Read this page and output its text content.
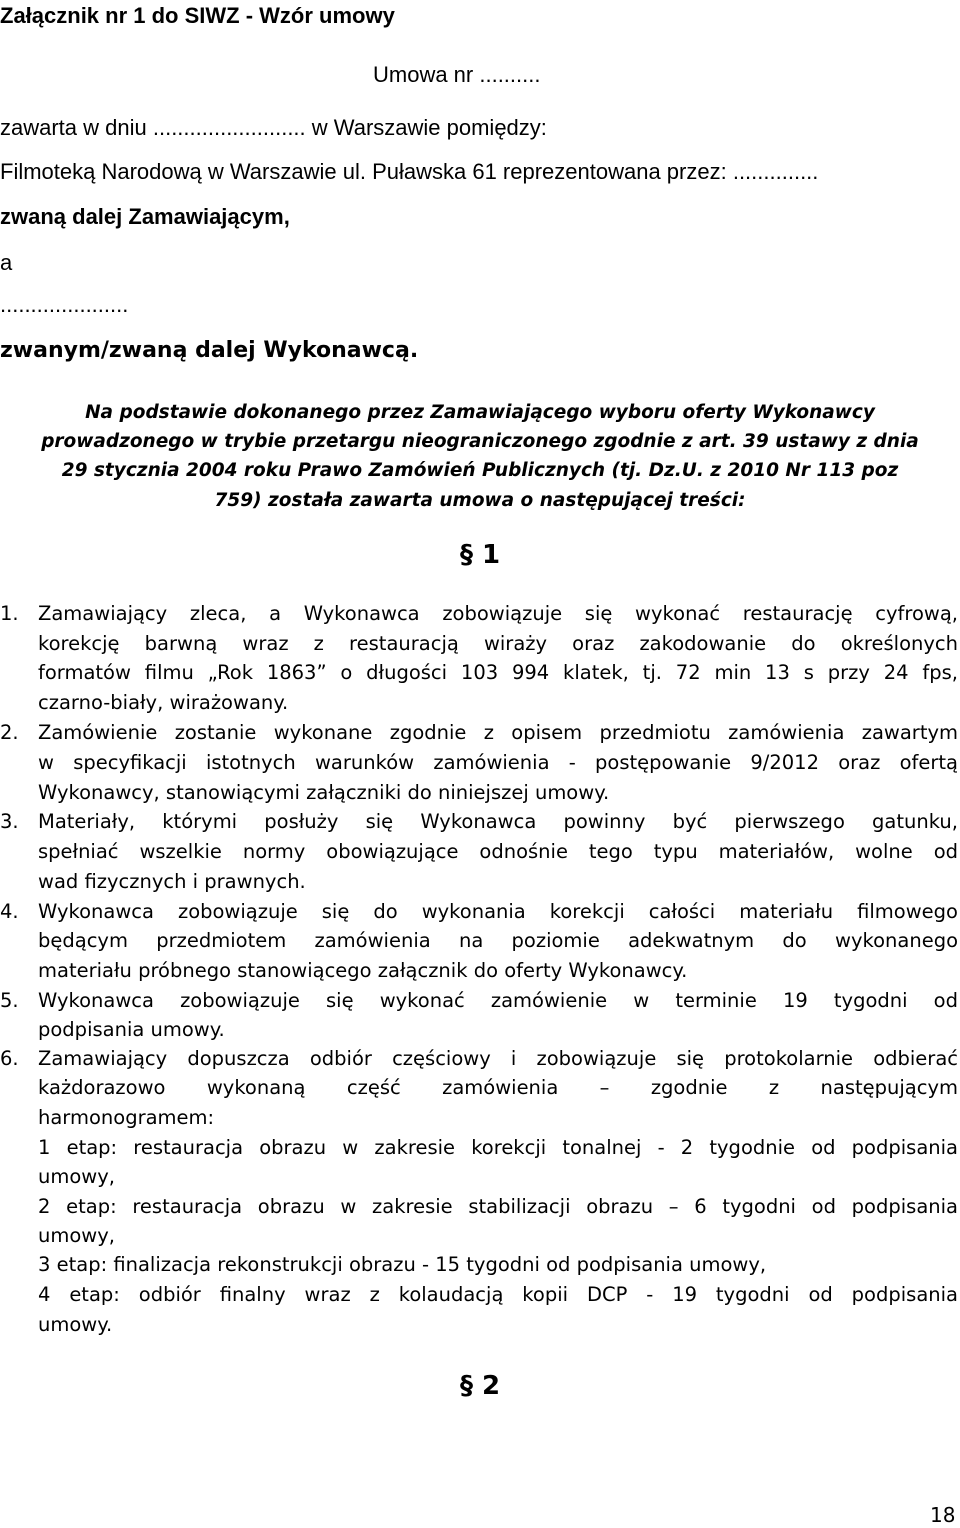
Załącznik nr 1 do SIWZ - Wzór umowy
Umowa nr ..........
zawarta w dniu ......................... w Warszawie pomiędzy:
Filmoteką Narodową w Warszawie ul. Puławska 61 reprezentowana przez: ..............
zwaną dalej Zamawiającym,
a
.....................
zwanym/zwaną dalej Wykonawcą.
Na podstawie dokonanego przez Zamawiającego wyboru oferty Wykonawcy
prowadzonego w trybie przetargu nieograniczonego zgodnie z art. 39 ustawy z dnia
29 stycznia 2004 roku Prawo Zamówień Publicznych (tj. Dz.U. z 2010 Nr 113 poz
759) została zawarta umowa o następującej treści:
§ 1
1. Zamawiający zleca, a Wykonawca zobowiązuje się wykonać restaurację cyfrową,
korekcję barwną wraz z restauracją wirażу oraz zakodowanie do określonych
formatów filmu „Rok 1863” o długości 103 994 klatek, tj. 72 min 13 s przy 24 fps,
czarno-biały, wirażowany.
2. Zamówienie zostanie wykonane zgodnie z opisem przedmiotu zamówienia zawartym
w specyfikacji istotnych warunków zamówienia - postępowanie 9/2012 oraz ofertą
Wykonawcy, stanowiącymi załączniki do niniejszej umowy.
3. Materiały, którymi posłuży się Wykonawca powinny być pierwszego gatunku,
spełniać wszelkie normy obowiązujące odnośnie tego typu materiałów, wolne od
wad fizycznych i prawnych.
4. Wykonawca zobowiązuje się do wykonania korekcji całości materiału filmowego
będącym przedmiotem zamówienia na poziomie adekwatnym do wykonanego
materiału próbnego stanowiącego załącznik do oferty Wykonawcy.
5. Wykonawca zobowiązuje się wykonać zamówienie w terminie 19 tygodni od
podpisania umowy.
6. Zamawiający dopuszcza odbiór częściowy i zobowiązuje się protokolarnie odbierać
każdorazowo wykonaną część zamówienia – zgodnie z następującym
harmonogramem:
1 etap: restauracja obrazu w zakresie korekcji tonalnej - 2 tygodnie od podpisania
umowy,
2 etap: restauracja obrazu w zakresie stabilizacji obrazu – 6 tygodni od podpisania
umowy,
3 etap: finalizacja rekonstrukcji obrazu - 15 tygodni od podpisania umowy,
4 etap: odbiór finalny wraz z kolaudacją kopii DCP - 19 tygodni od podpisania
umowy.
§ 2
18
